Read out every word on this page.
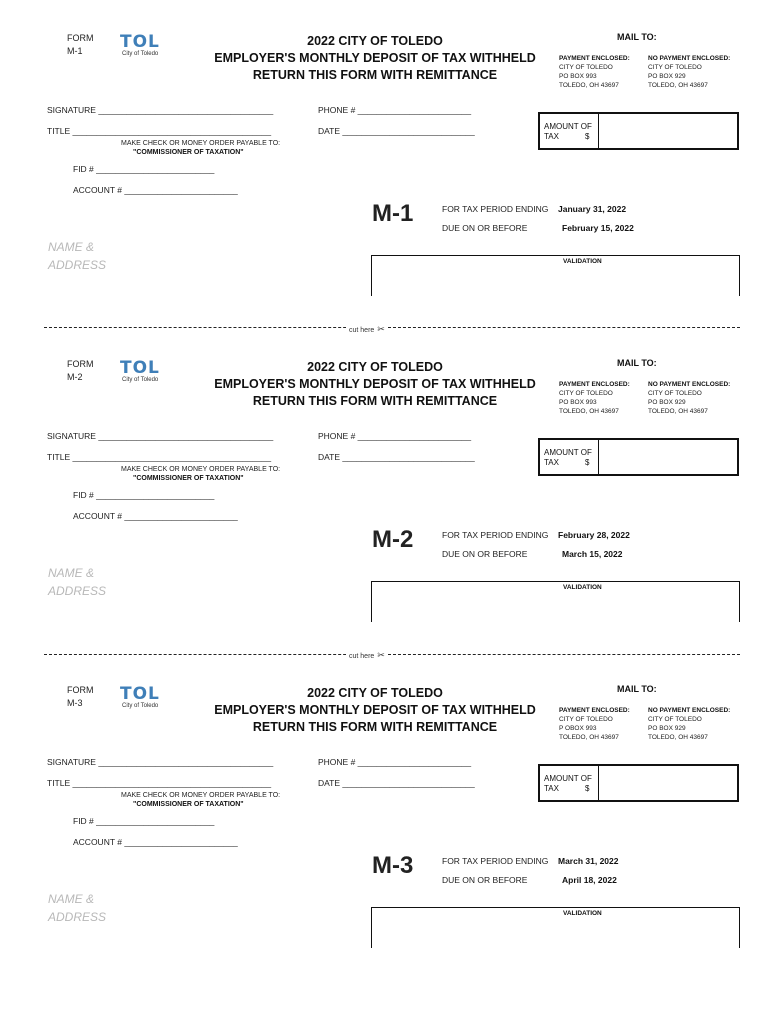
FORM
M-1	TOL
City of Toledo
2022 CITY OF TOLEDO
EMPLOYER'S MONTHLY DEPOSIT OF TAX WITHHELD
RETURN THIS FORM WITH REMITTANCE
MAIL TO:
PAYMENT ENCLOSED:
CITY OF TOLEDO
PO BOX 993
TOLEDO, OH 43697
NO PAYMENT ENCLOSED:
CITY OF TOLEDO
PO BOX 929
TOLEDO, OH 43697
SIGNATURE _____________________________________	PHONE # ________________________
TITLE __________________________________________	DATE ____________________________	AMOUNT OF
TAX	$
MAKE CHECK OR MONEY ORDER PAYABLE TO:
"COMMISSIONER OF TAXATION"
FID # _________________________
ACCOUNT # ________________________
M-1	FOR TAX PERIOD ENDING January 31, 2022
DUE ON OR BEFORE	February 15, 2022
NAME &
ADDRESS	VALIDATION
FORM
M-2	TOL
City of Toledo
2022 CITY OF TOLEDO
EMPLOYER'S MONTHLY DEPOSIT OF TAX WITHHELD
RETURN THIS FORM WITH REMITTANCE
MAIL TO:
PAYMENT ENCLOSED:
CITY OF TOLEDO
PO BOX 993
TOLEDO, OH 43697
NO PAYMENT ENCLOSED:
CITY OF TOLEDO
PO BOX 929
TOLEDO, OH 43697
SIGNATURE _____________________________________	PHONE # ________________________
TITLE __________________________________________	DATE ____________________________	AMOUNT OF
TAX	$
MAKE CHECK OR MONEY ORDER PAYABLE TO:
"COMMISSIONER OF TAXATION"
FID # _________________________
ACCOUNT # ________________________
M-2	FOR TAX PERIOD ENDING February 28, 2022
DUE ON OR BEFORE	March 15, 2022
NAME &
ADDRESS	VALIDATION
FORM
M-3	TOL
City of Toledo
2022 CITY OF TOLEDO
EMPLOYER'S MONTHLY DEPOSIT OF TAX WITHHELD
RETURN THIS FORM WITH REMITTANCE
MAIL TO:
PAYMENT ENCLOSED:
CITY OF TOLEDO
P OBOX 993
TOLEDO, OH 43697
NO PAYMENT ENCLOSED:
CITY OF TOLEDO
PO BOX 929
TOLEDO, OH 43697
SIGNATURE _____________________________________	PHONE # ________________________
TITLE __________________________________________	DATE ____________________________	AMOUNT OF
TAX	$
MAKE CHECK OR MONEY ORDER PAYABLE TO:
"COMMISSIONER OF TAXATION"
FID # _________________________
ACCOUNT # ________________________
M-3	FOR TAX PERIOD ENDING March 31, 2022
DUE ON OR BEFORE	April 18, 2022
NAME &
ADDRESS	VALIDATION
cut here ✂
cut here ✂
